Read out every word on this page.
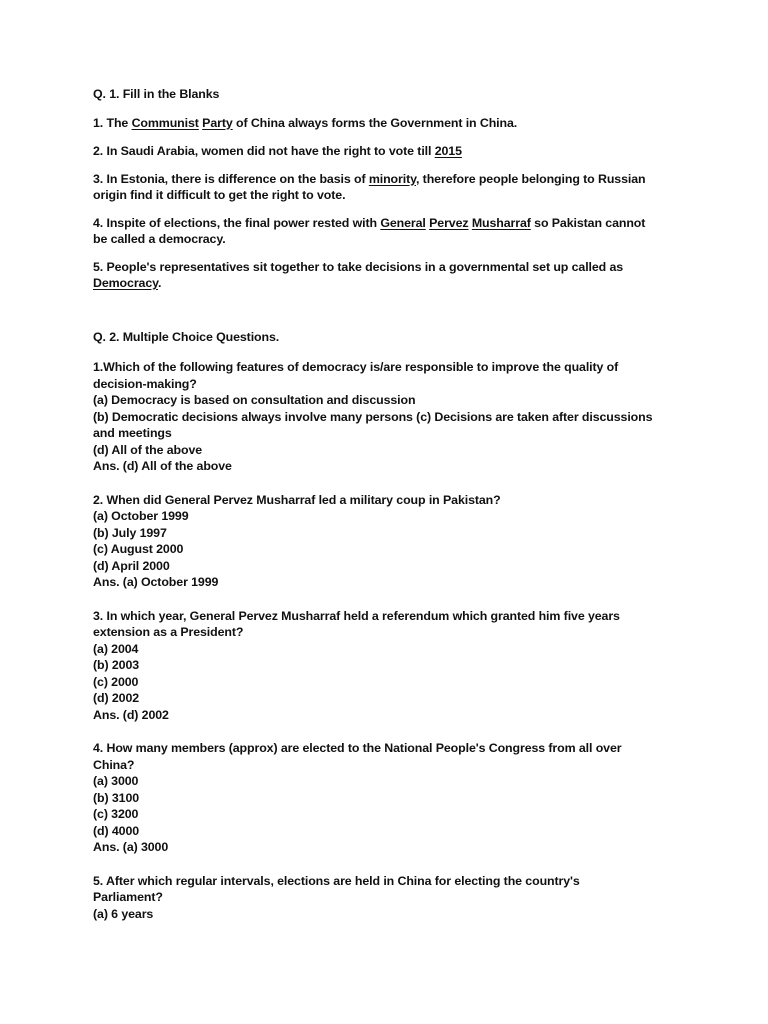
Q. 1. Fill in the Blanks
1. The Communist Party of China always forms the Government in China.
2. In Saudi Arabia, women did not have the right to vote till 2015
3. In Estonia, there is difference on the basis of minority, therefore people belonging to Russian
origin find it difficult to get the right to vote.
4. Inspite of elections, the final power rested with General Pervez Musharraf so Pakistan cannot
be called a democracy.
5. People's representatives sit together to take decisions in a governmental set up called as
Democracy.
Q. 2. Multiple Choice Questions.
1.Which of the following features of democracy is/are responsible to improve the quality of
decision-making?
(a) Democracy is based on consultation and discussion
(b) Democratic decisions always involve many persons (c) Decisions are taken after discussions
and meetings
(d) All of the above
Ans. (d) All of the above
2. When did General Pervez Musharraf led a military coup in Pakistan?
(a) October 1999
(b) July 1997
(c) August 2000
(d) April 2000
Ans. (a) October 1999
3. In which year, General Pervez Musharraf held a referendum which granted him five years
extension as a President?
(a) 2004
(b) 2003
(c) 2000
(d) 2002
Ans. (d) 2002
4. How many members (approx) are elected to the National People's Congress from all over
China?
(a) 3000
(b) 3100
(c) 3200
(d) 4000
Ans. (a) 3000
5. After which regular intervals, elections are held in China for electing the country's
Parliament?
(a) 6 years
